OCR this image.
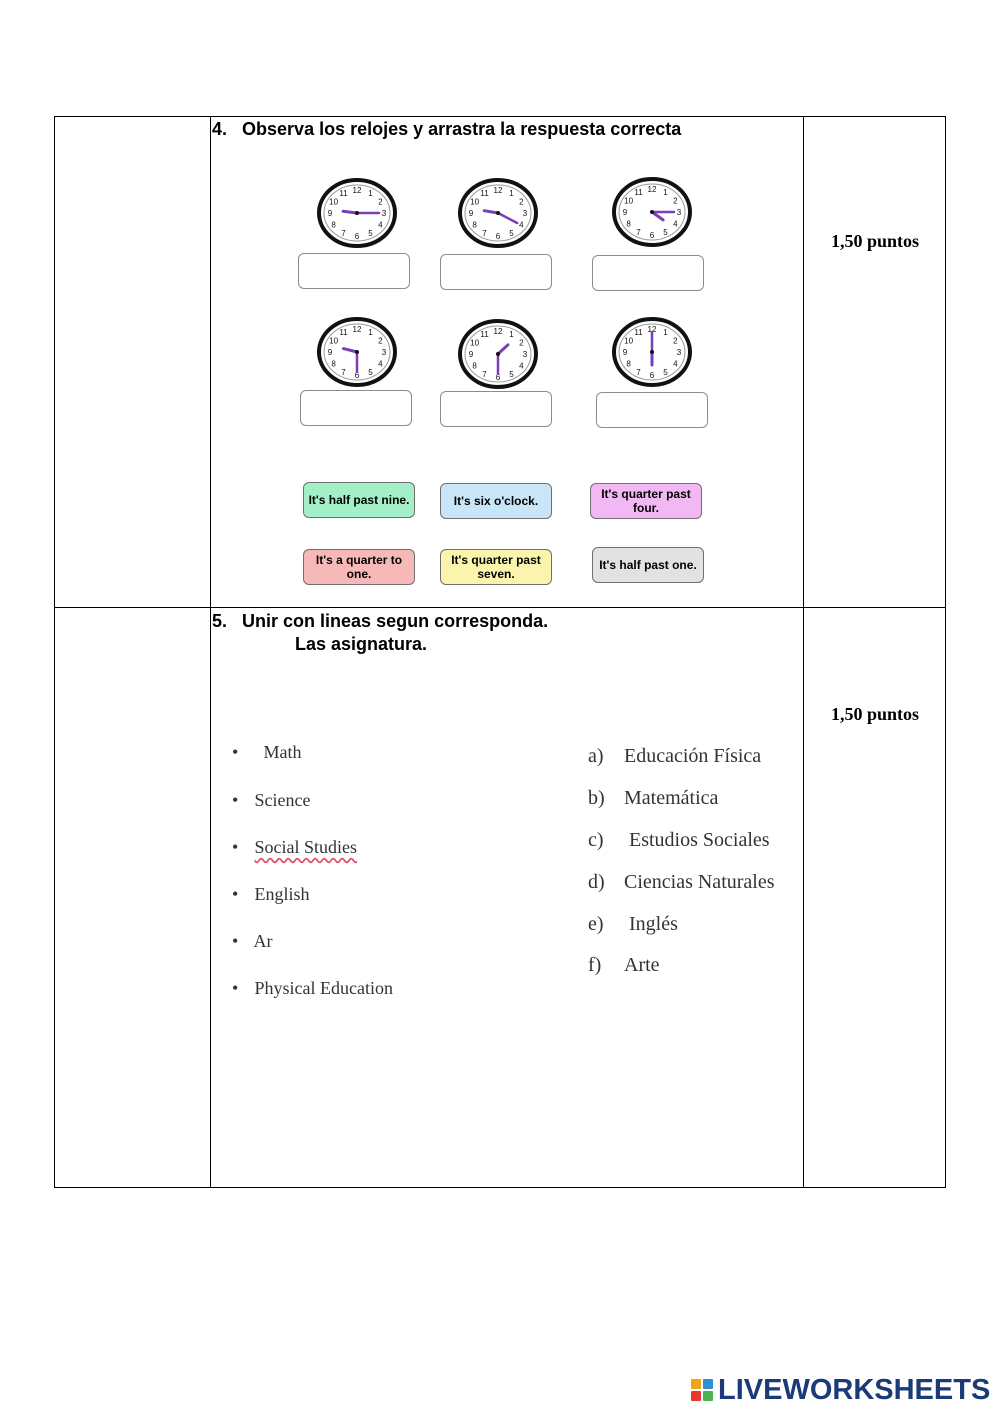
4. Observa los relojes y arrastra la respuesta correcta
1,50 puntos
1
2
3
4
5
6
7
8
9
10
11 12	1
2
3
4
5
6
7
8
9
10
11 12	1
2
3
4
5
6
7
8
9
10
11 12
1
2
3
4
5
6
7
8
9
10
11 12
1
2
3
4
5
6
7
8
9
10
11 12	1
2
3
4
5
6
7
8
9
10
11 12
It's half past nine.	It's six o'clock.	It's quarter past four.
It's a quarter to one.
It's quarter past seven.
It's half past one.
5. Unir con lineas segun corresponda.
Las asignatura.
1,50 puntos
• Math
• Science
• Social Studies
• English
• Ar
• Physical Education
a) Educación Física
b) Matemática
c) Estudios Sociales
d) Ciencias Naturales
e) Inglés
f) Arte
LIVEWORKSHEETS
